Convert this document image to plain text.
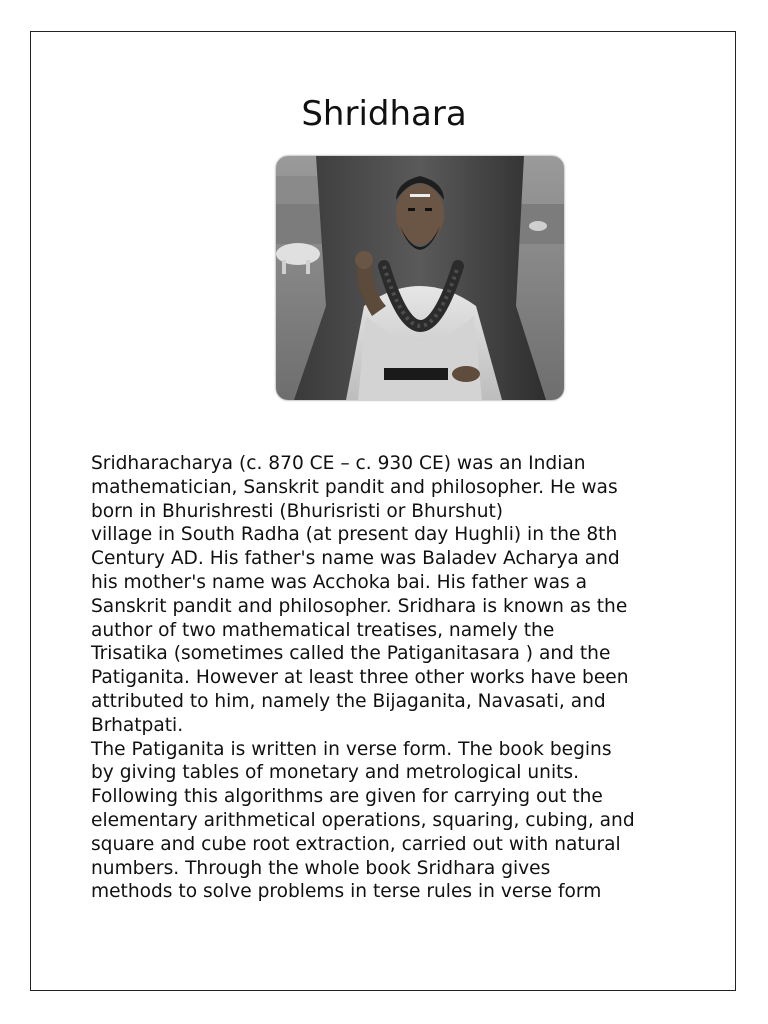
Shridhara

Sridharacharya (c. 870 CE – c. 930 CE) was an Indian
mathematician, Sanskrit pandit and philosopher. He was
born in Bhurishresti (Bhurisristi or Bhurshut)
village in South Radha (at present day Hughli) in the 8th
Century AD. His father's name was Baladev Acharya and
his mother's name was Acchoka bai. His father was a
Sanskrit pandit and philosopher. Sridhara is known as the
author of two mathematical treatises, namely the
Trisatika (sometimes called the Patiganitasara ) and the
Patiganita. However at least three other works have been
attributed to him, namely the Bijaganita, Navasati, and
Brhatpati.

The Patiganita is written in verse form. The book begins
by giving tables of monetary and metrological units.
Following this algorithms are given for carrying out the
elementary arithmetical operations, squaring, cubing, and
square and cube root extraction, carried out with natural
numbers. Through the whole book Sridhara gives
methods to solve problems in terse rules in verse form
